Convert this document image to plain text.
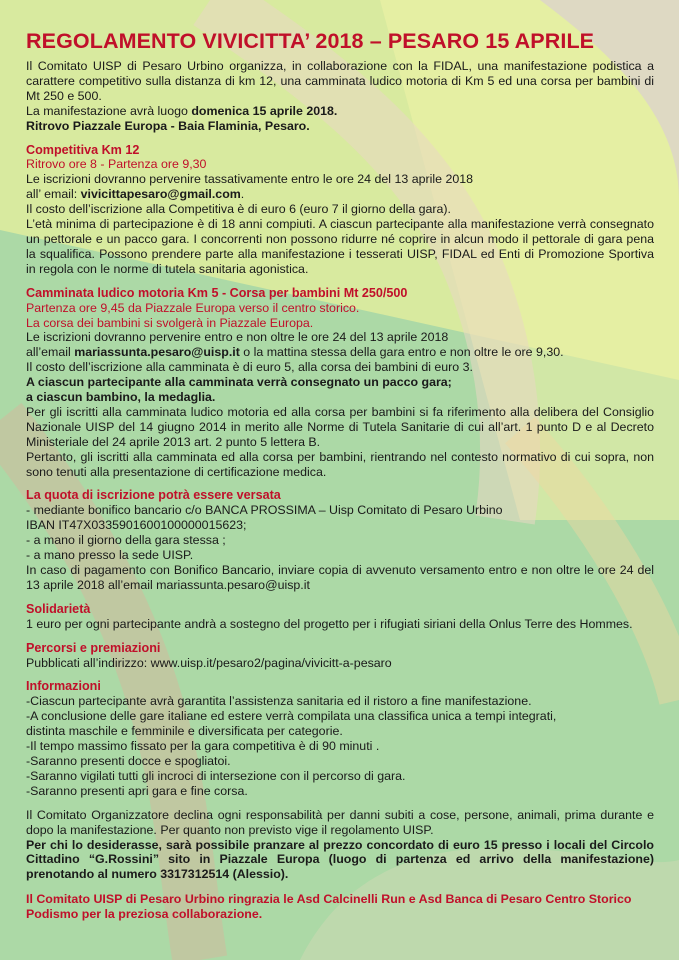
REGOLAMENTO VIVICITTA’ 2018 – PESARO 15 APRILE

Il Comitato UISP di Pesaro Urbino organizza, in collaborazione con la FIDAL, una manifestazione podistica a carattere competitivo sulla distanza di km 12, una camminata ludico motoria di Km 5 ed una corsa per bambini di Mt 250 e 500.

La manifestazione avrà luogo domenica 15 aprile 2018.

Ritrovo Piazzale Europa - Baia Flaminia, Pesaro.

Competitiva Km 12

Ritrovo ore 8 - Partenza ore 9,30

Le iscrizioni dovranno pervenire tassativamente entro le ore 24 del 13 aprile 2018

all’ email: vivicittapesaro@gmail.com.

Il costo dell’iscrizione alla Competitiva è di euro 6 (euro 7 il giorno della gara).

L’età minima di partecipazione è di 18 anni compiuti. A ciascun partecipante alla manifestazione verrà consegnato un pettorale e un pacco gara. I concorrenti non possono ridurre né coprire in alcun modo il pettorale di gara pena la squalifica. Possono prendere parte alla manifestazione i tesserati UISP, FIDAL ed Enti di Promozione Sportiva in regola con le norme di tutela sanitaria agonistica.

Camminata ludico motoria Km 5 - Corsa per bambini Mt 250/500

Partenza ore 9,45 da Piazzale Europa verso il centro storico.

La corsa dei bambini si svolgerà in Piazzale Europa.

Le iscrizioni dovranno pervenire entro e non oltre le ore 24 del 13 aprile 2018

all’email mariassunta.pesaro@uisp.it o la mattina stessa della gara entro e non oltre le ore 9,30.

Il costo dell’iscrizione alla camminata è di euro 5, alla corsa dei bambini di euro 3.

A ciascun partecipante alla camminata verrà consegnato un pacco gara;

a ciascun bambino, la medaglia.

Per gli iscritti alla camminata ludico motoria ed alla corsa per bambini si fa riferimento alla delibera del Consiglio Nazionale UISP del 14 giugno 2014 in merito alle Norme di Tutela Sanitarie di cui all’art. 1 punto D e al Decreto Ministeriale del 24 aprile 2013 art. 2 punto 5 lettera B.

Pertanto, gli iscritti alla camminata ed alla corsa per bambini, rientrando nel contesto normativo di cui sopra, non sono tenuti alla presentazione di certificazione medica.

La quota di iscrizione potrà essere versata

- mediante bonifico bancario c/o BANCA PROSSIMA – Uisp Comitato di Pesaro Urbino

IBAN IT47X0335901600100000015623;

- a mano il giorno della gara stessa ;

- a mano presso la sede UISP.

In caso di pagamento con Bonifico Bancario, inviare copia di avvenuto versamento entro e non oltre le ore 24 del 13 aprile 2018 all’email mariassunta.pesaro@uisp.it

Solidarietà

1 euro per ogni partecipante andrà a sostegno del progetto per i rifugiati siriani della Onlus Terre des Hommes.

Percorsi e premiazioni

Pubblicati all’indirizzo: www.uisp.it/pesaro2/pagina/vivicitt-a-pesaro

Informazioni

-Ciascun partecipante avrà garantita l’assistenza sanitaria ed il ristoro a fine manifestazione.

-A conclusione delle gare italiane ed estere verrà compilata una classifica unica a tempi integrati,

distinta maschile e femminile e diversificata per categorie.

-Il tempo massimo fissato per la gara competitiva è di 90 minuti .

-Saranno presenti docce e spogliatoi.

-Saranno vigilati tutti gli incroci di intersezione con il percorso di gara.

-Saranno presenti apri gara e fine corsa.

Il Comitato Organizzatore declina ogni responsabilità per danni subiti a cose, persone, animali, prima durante e dopo la manifestazione. Per quanto non previsto vige il regolamento UISP.

Per chi lo desiderasse, sarà possibile pranzare al prezzo concordato di euro 15 presso i locali del Circolo Cittadino “G.Rossini” sito in Piazzale Europa (luogo di partenza ed arrivo della manifestazione) prenotando al numero 3317312514 (Alessio).

Il Comitato UISP di Pesaro Urbino ringrazia le Asd Calcinelli Run e Asd Banca di Pesaro Centro Storico Podismo per la preziosa collaborazione.
